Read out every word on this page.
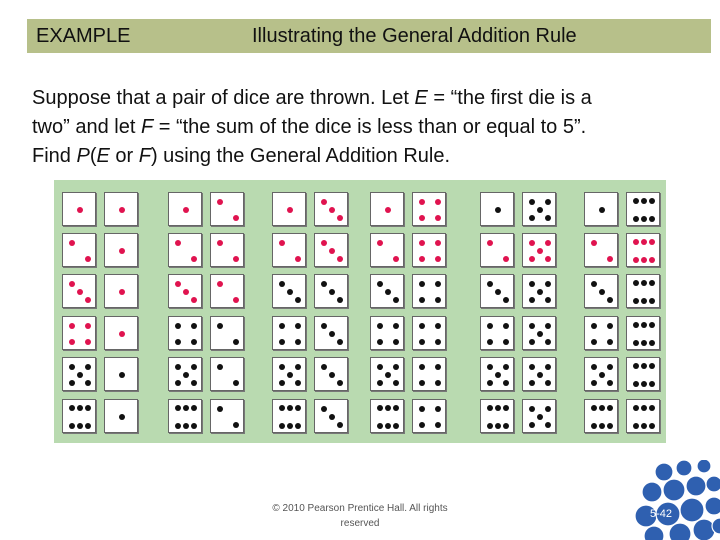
EXAMPLE	Illustrating the General Addition Rule
Suppose that a pair of dice are thrown. Let E = “the first die is a
two” and let F = “the sum of the dice is less than or equal to 5”.
Find P(E or F) using the General Addition Rule.
© 2010 Pearson Prentice Hall. All rights
reserved
5-42
